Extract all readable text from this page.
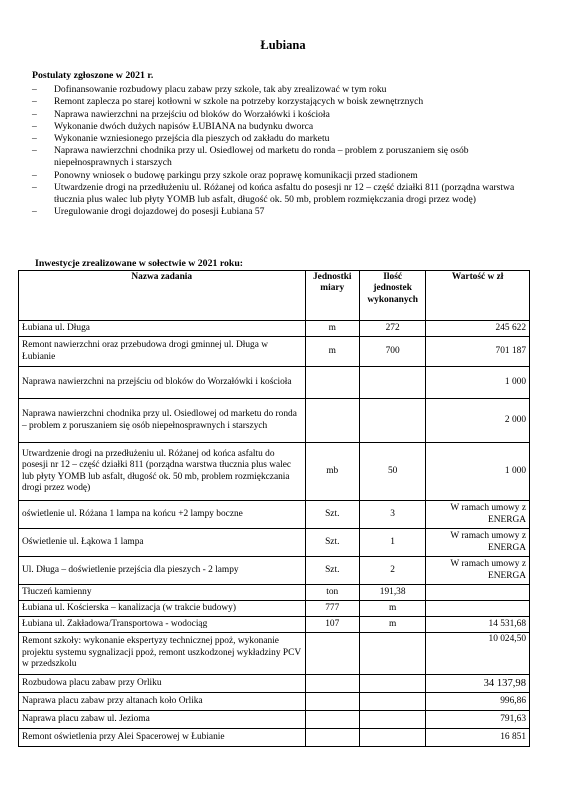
Łubiana
Postulaty zgłoszone w 2021 r.
– Dofinansowanie rozbudowy placu zabaw przy szkole, tak aby zrealizować w tym roku
– Remont zaplecza po starej kotłowni w szkole na potrzeby korzystających w boisk zewnętrznych
– Naprawa nawierzchni na przejściu od bloków do Worzałówki i kościoła
– Wykonanie dwóch dużych napisów ŁUBIANA na budynku dworca
– Wykonanie wzniesionego przejścia dla pieszych od zakładu do marketu
– Naprawa nawierzchni chodnika przy ul. Osiedlowej od marketu do ronda – problem z poruszaniem się osób niepełnosprawnych i starszych
– Ponowny wniosek o budowę parkingu przy szkole oraz poprawę komunikacji przed stadionem
– Utwardzenie drogi na przedłużeniu ul. Różanej od końca asfaltu do posesji nr 12 – część działki 811 (porządna warstwa tłucznia plus walec lub płyty YOMB lub asfalt, długość ok. 50 mb, problem rozmiękczania drogi przez wodę)
– Uregulowanie drogi dojazdowej do posesji Łubiana 57
Inwestycje zrealizowane w sołectwie w 2021 roku:
Nazwa zadania	Jednostki miary	Ilość jednostek wykonanych	Wartość w zł
Łubiana ul. Długa	m	272	245 622
Remont nawierzchni oraz przebudowa drogi gminnej ul. Długa w Łubianie	m	700	701 187
Naprawa nawierzchni na przejściu od bloków do Worzałówki i kościoła			1 000
Naprawa nawierzchni chodnika przy ul. Osiedlowej od marketu do ronda – problem z poruszaniem się osób niepełnosprawnych i starszych			2 000
Utwardzenie drogi na przedłużeniu ul. Różanej od końca asfaltu do posesji nr 12 – część działki 811 (porządna warstwa tłucznia plus walec lub płyty YOMB lub asfalt, długość ok. 50 mb, problem rozmiękczania drogi przez wodę)	mb	50	1 000
oświetlenie ul. Różana 1 lampa na końcu +2 lampy boczne	Szt.	3	W ramach umowy z ENERGA
Oświetlenie ul. Łąkowa 1 lampa	Szt.	1	W ramach umowy z ENERGA
Ul. Długa – doświetlenie przejścia dla pieszych - 2 lampy	Szt.	2	W ramach umowy z ENERGA
Tłuczeń kamienny	ton	191,38	
Łubiana ul. Kościerska – kanalizacja (w trakcie budowy)	777	m	
Łubiana ul. Zakładowa/Transportowa - wodociąg	107	m	14 531,68
Remont szkoły: wykonanie ekspertyzy technicznej ppoż, wykonanie projektu systemu sygnalizacji ppoż, remont uszkodzonej wykładziny PCV w przedszkolu			10 024,50
Rozbudowa placu zabaw przy Orliku			34 137,98
Naprawa placu zabaw przy altanach koło Orlika			996,86
Naprawa placu zabaw ul. Jezioma			791,63
Remont oświetlenia przy Alei Spacerowej w Łubianie			16 851
